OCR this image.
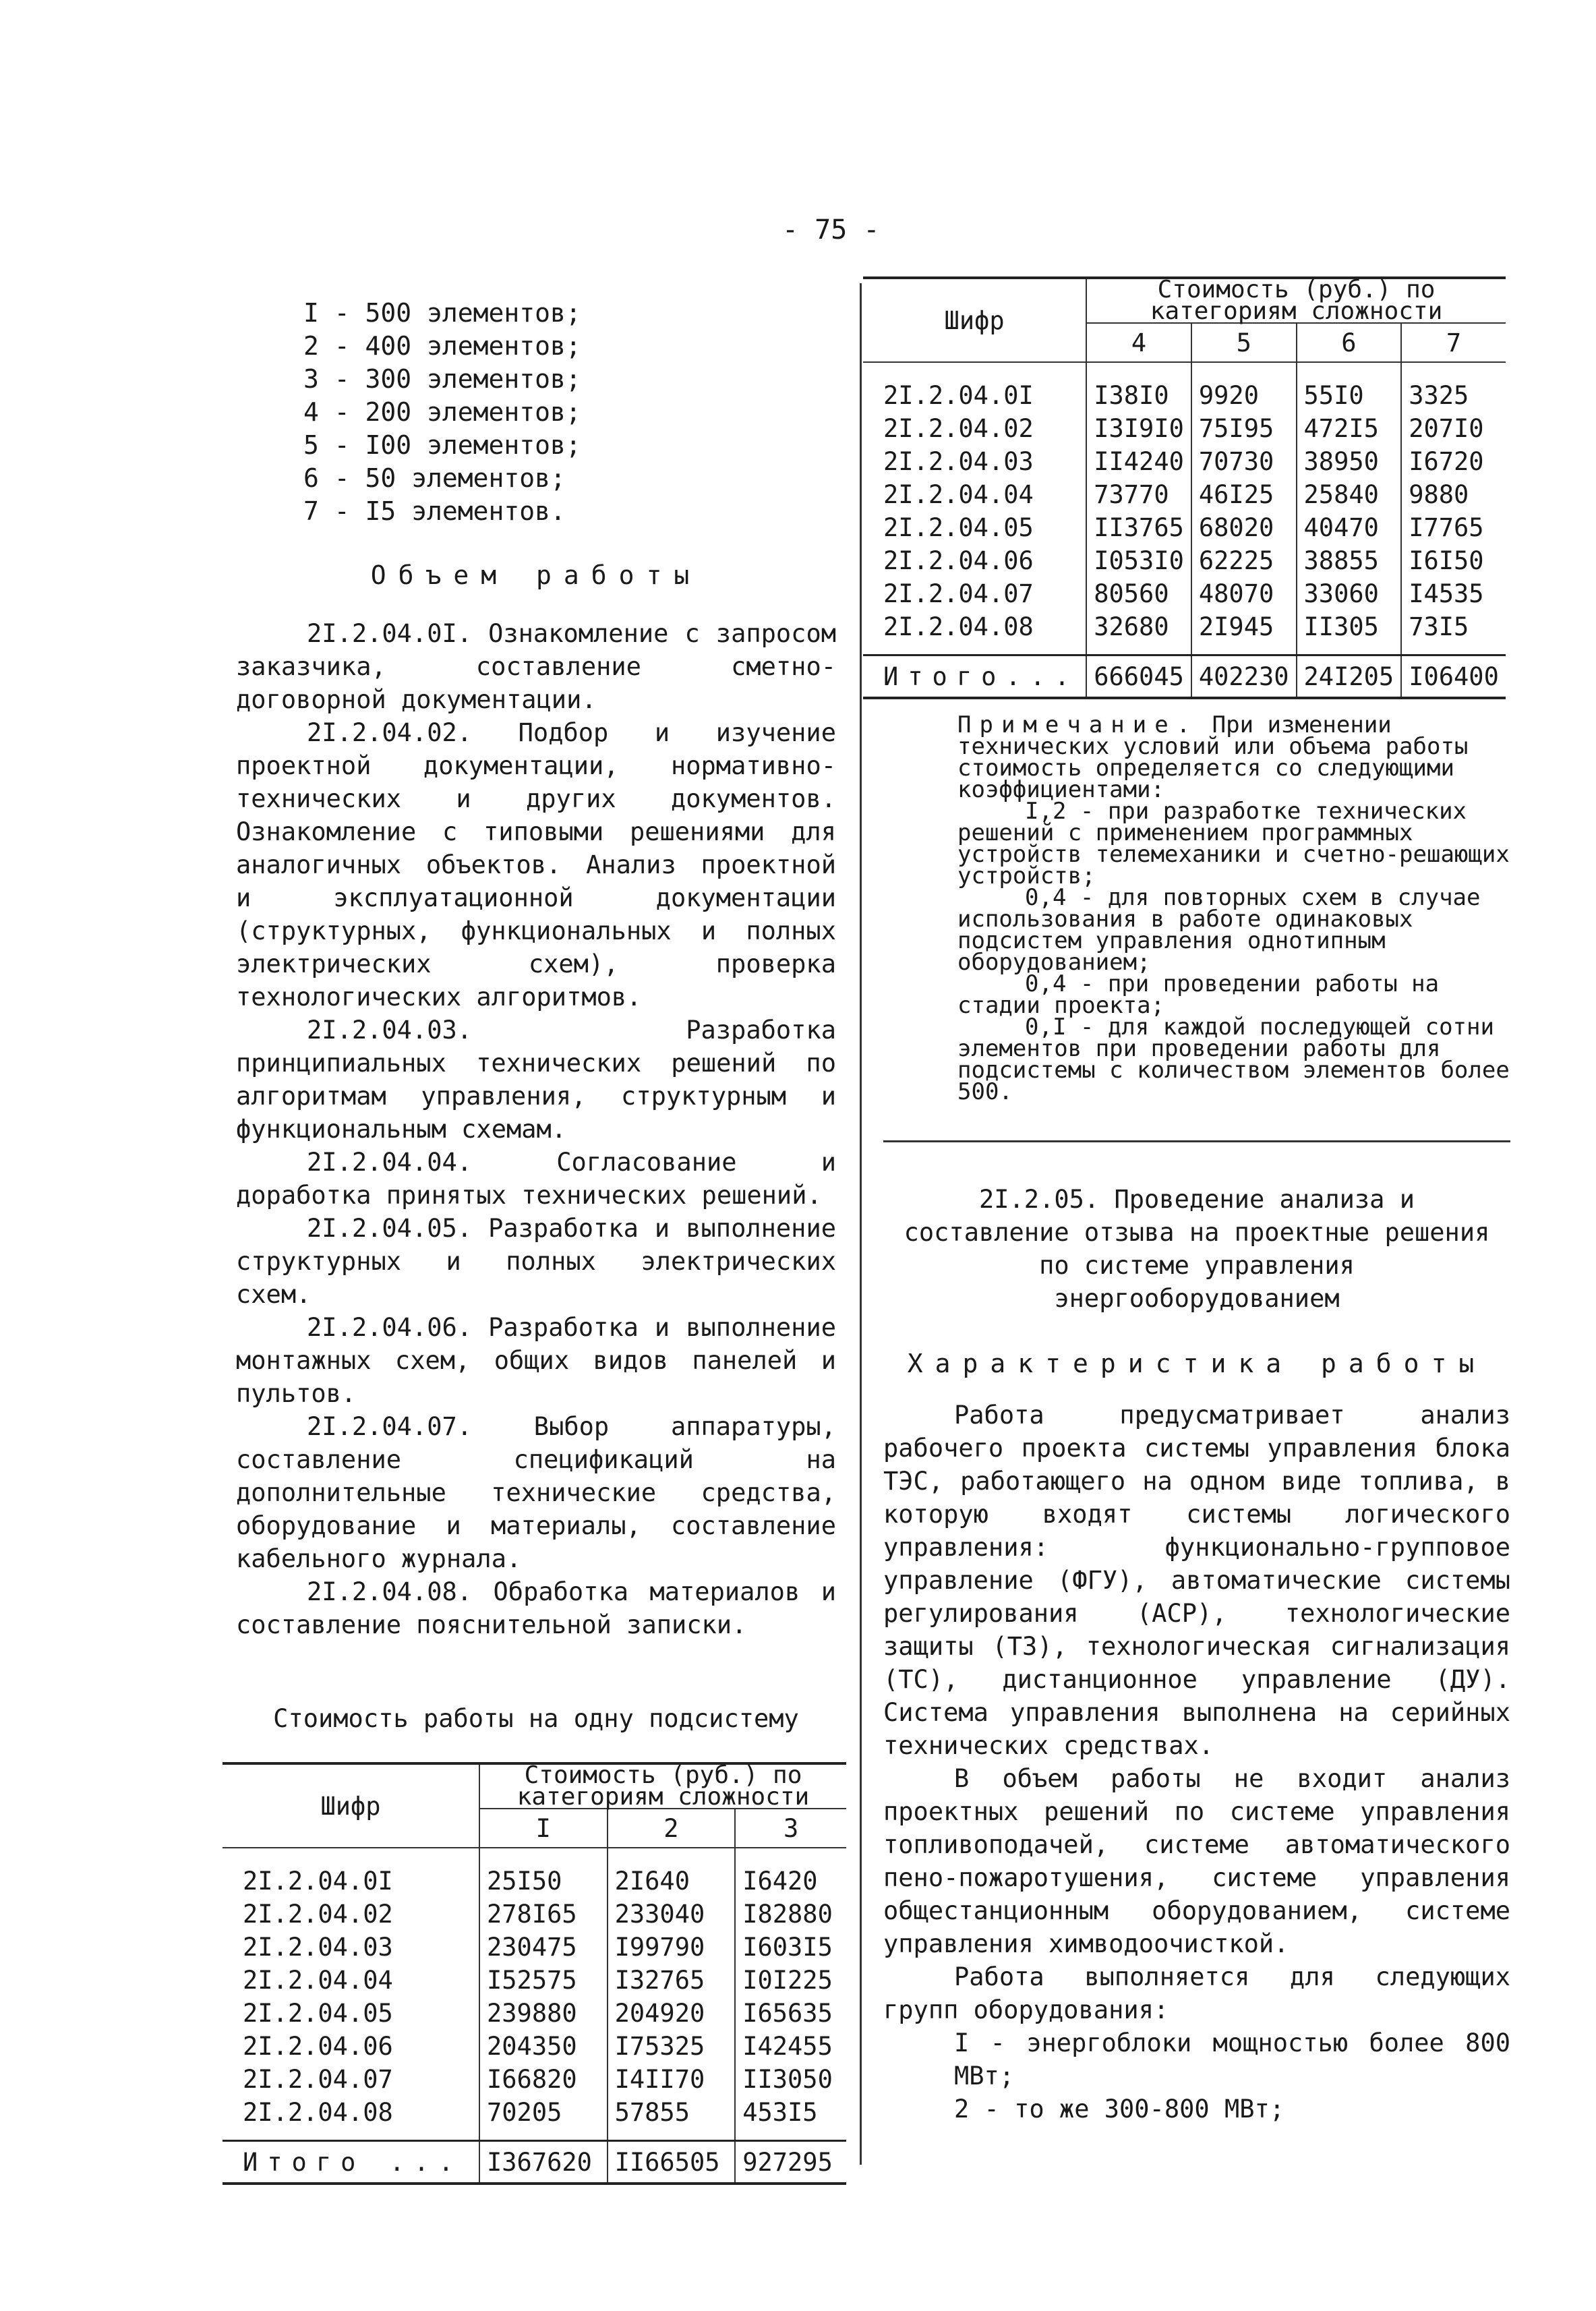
- 75 -
I - 500 элементов;
2 - 400 элементов;
3 - 300 элементов;
4 - 200 элементов;
5 - I00 элементов;
6 - 50 элементов;
7 - I5 элементов.
Объем работы

2I.2.04.0I. Ознакомление с запросом заказчика, составление сметно-договорной документации.

2I.2.04.02. Подбор и изучение проектной документации, нормативно-технических и других документов. Ознакомление с типовыми решениями для аналогичных объектов. Анализ проектной и эксплуатационной документации (структурных, функциональных и полных электрических схем), проверка технологических алгоритмов.

2I.2.04.03. Разработка принципиальных технических решений по алгоритмам управления, структурным и функциональным схемам.

2I.2.04.04. Согласование и доработка принятых технических решений.

2I.2.04.05. Разработка и выполнение структурных и полных электрических схем.

2I.2.04.06. Разработка и выполнение монтажных схем, общих видов панелей и пультов.

2I.2.04.07. Выбор аппаратуры, составление спецификаций на дополнительные технические средства, оборудование и материалы, составление кабельного журнала.

2I.2.04.08. Обработка материалов и составление пояснительной записки.

Стоимость работы на одну подсистему
Шифр	Стоимость (руб.) по категориям сложности		

	I	2	3
2I.2.04.0I	25I50	2I640	I6420
2I.2.04.02	278I65	233040	I82880
2I.2.04.03	230475	I99790	I603I5
2I.2.04.04	I52575	I32765	I0I225
2I.2.04.05	239880	204920	I65635
2I.2.04.06	204350	I75325	I42455
2I.2.04.07	I66820	I4II70	II3050
2I.2.04.08	70205	57855	453I5
Итого ...	I367620	II66505	927295
Шифр	Стоимость (руб.) по категориям сложности			

	4	5	6	7
2I.2.04.0I	I38I0	9920	55I0	3325
2I.2.04.02	I3I9I0	75I95	472I5	207I0
2I.2.04.03	II4240	70730	38950	I6720
2I.2.04.04	73770	46I25	25840	9880
2I.2.04.05	II3765	68020	40470	I7765
2I.2.04.06	I053I0	62225	38855	I6I50
2I.2.04.07	80560	48070	33060	I4535
2I.2.04.08	32680	2I945	II305	73I5
Итого...	666045	402230	24I205	I06400
Примечание. При изменении технических условий или объема работы стоимость определяется со следующими коэффициентами:
I,2 - при разработке технических решений с применением программных устройств телемеханики и счетно-решающих устройств;
0,4 - для повторных схем в случае использования в работе одинаковых подсистем управления однотипным оборудованием;
0,4 - при проведении работы на стадии проекта;
0,I - для каждой последующей сотни элементов при проведении работы для подсистемы с количеством элементов более 500.
2I.2.05. Проведение анализа и составление отзыва на проектные решения по системе управления энергооборудованием
Характеристика работы

Работа предусматривает анализ рабочего проекта системы управления блока ТЭС, работающего на одном виде топлива, в которую входят системы логического управления: функционально-групповое управление (ФГУ), автоматические системы регулирования (АСР), технологические защиты (ТЗ), технологическая сигнализация (ТС), дистанционное управление (ДУ). Система управления выполнена на серийных технических средствах.

В объем работы не входит анализ проектных решений по системе управления топливоподачей, системе автоматического пено-пожаротушения, системе управления общестанционным оборудованием, системе управления химводоочисткой.

Работа выполняется для следующих групп оборудования:

I - энергоблоки мощностью более 800 МВт;
2 - то же 300-800 МВт;
